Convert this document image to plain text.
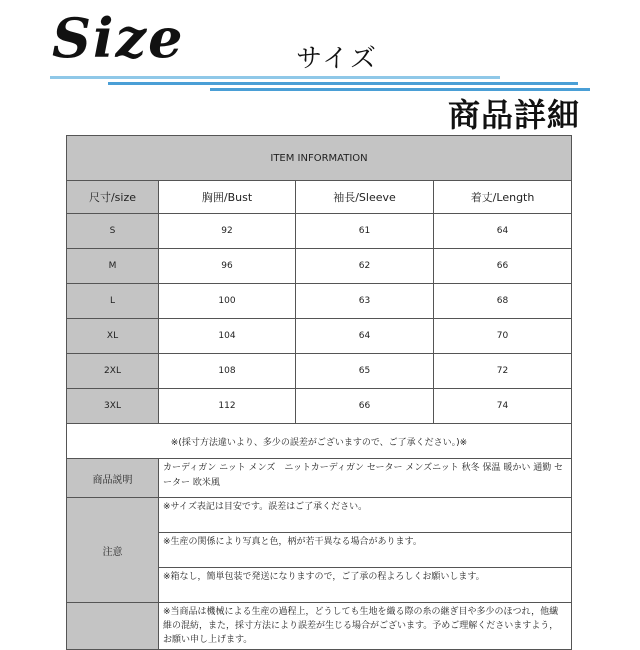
Size	サイズ
商品詳細
ITEM INFORMATION			
尺寸/size	胸囲/Bust	袖長/Sleeve	着丈/Length
S	92	61	64
M	96	62	66
L	100	63	68
XL	104	64	70
2XL	108	65	72
3XL	112	66	74
※(採寸方法違いより、多少の誤差がございますので、ご了承ください。)※			
商品説明	カーディガン ニット メンズ　ニットカーディガン セーター メンズニット 秋冬 保温 暖かい 通勤 セーター 欧米風		
注意	※サイズ表記は目安です。誤差はご了承ください。		
	※生産の関係により写真と色，柄が若干異なる場合があります。		
	※箱なし，簡単包装で発送になりますので，ご了承の程よろしくお願いします。		
	※当商品は機械による生産の過程上，どうしても生地を織る際の糸の継ぎ目や多少のほつれ，他繊維の混紡，また，採寸方法により誤差が生じる場合がございます。予めご理解くださいますよう，お願い申し上げます。		
